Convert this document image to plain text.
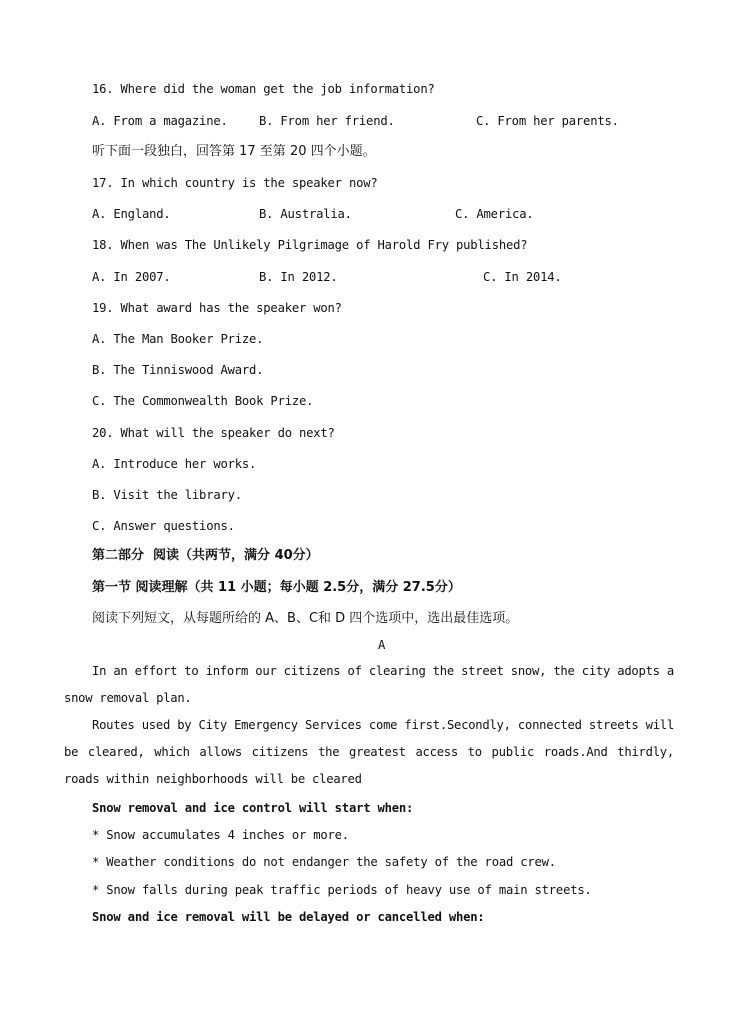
16. Where did the woman get the job information?
A. From a magazine.	B. From her friend.	C. From her parents.
听下面一段独白，回答第 17 至第 20 四个小题。
17. In which country is the speaker now?
A. England.	B. Australia.	C. America.
18. When was The Unlikely Pilgrimage of Harold Fry published?
A. In 2007.	B. In 2012.	C. In 2014.
19. What award has the speaker won?
A. The Man Booker Prize.
B. The Tinniswood Award.
C. The Commonwealth Book Prize.
20. What will the speaker do next?
A. Introduce her works.
B. Visit the library.
C. Answer questions.
第二部分  阅读（共两节，满分 40分）
第一节 阅读理解（共 11 小题；每小题 2.5分，满分 27.5分）
阅读下列短文，从每题所给的 A、B、C和 D 四个选项中，选出最佳选项。
A

In an effort to inform our citizens of clearing the street snow, the city adopts a snow removal plan.

Routes used by City Emergency Services come first.Secondly, connected streets will be cleared, which allows citizens the greatest access to public roads.And thirdly, roads within neighborhoods will be cleared

Snow removal and ice control will start when:
* Snow accumulates 4 inches or more.
* Weather conditions do not endanger the safety of the road crew.
* Snow falls during peak traffic periods of heavy use of main streets.
Snow and ice removal will be delayed or cancelled when:
